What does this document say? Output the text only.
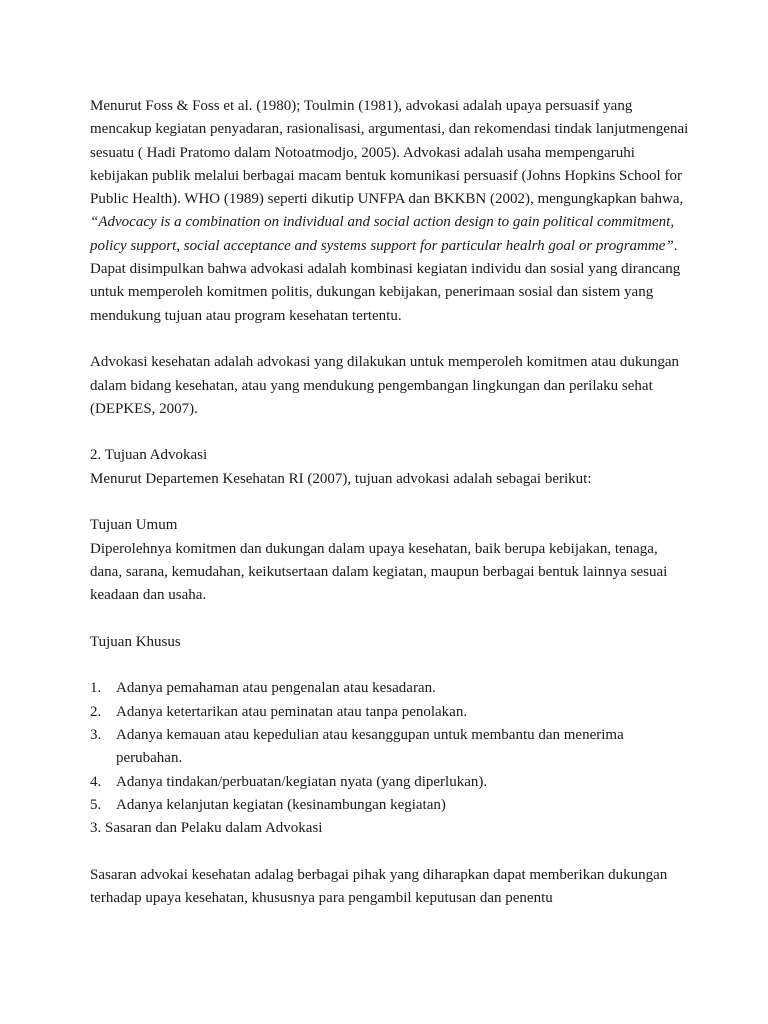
Menurut Foss & Foss et al. (1980); Toulmin (1981), advokasi adalah upaya persuasif yang mencakup kegiatan penyadaran, rasionalisasi, argumentasi, dan rekomendasi tindak lanjutmengenai sesuatu ( Hadi Pratomo dalam Notoatmodjo, 2005). Advokasi adalah usaha mempengaruhi kebijakan publik melalui berbagai macam bentuk komunikasi persuasif (Johns Hopkins School for Public Health). WHO (1989) seperti dikutip UNFPA dan BKKBN (2002), mengungkapkan bahwa, “Advocacy is a combination on individual and social action design to gain political commitment, policy support, social acceptance and systems support for particular healrh goal or programme”.

Dapat disimpulkan bahwa advokasi adalah kombinasi kegiatan individu dan sosial yang dirancang untuk memperoleh komitmen politis, dukungan kebijakan, penerimaan sosial dan sistem yang mendukung tujuan atau program kesehatan tertentu.

Advokasi kesehatan adalah advokasi yang dilakukan untuk memperoleh komitmen atau dukungan dalam bidang kesehatan, atau yang mendukung pengembangan lingkungan dan perilaku sehat (DEPKES, 2007).

2. Tujuan Advokasi

Menurut Departemen Kesehatan RI (2007), tujuan advokasi adalah sebagai berikut:

Tujuan Umum

Diperolehnya komitmen dan dukungan dalam upaya kesehatan, baik berupa kebijakan, tenaga, dana, sarana, kemudahan, keikutsertaan dalam kegiatan, maupun berbagai bentuk lainnya sesuai keadaan dan usaha.

Tujuan Khusus

1. Adanya pemahaman atau pengenalan atau kesadaran.
2. Adanya ketertarikan atau peminatan atau tanpa penolakan.
3. Adanya kemauan atau kepedulian atau kesanggupan untuk membantu dan menerima perubahan.
4. Adanya tindakan/perbuatan/kegiatan nyata (yang diperlukan).
5. Adanya kelanjutan kegiatan (kesinambungan kegiatan)

3. Sasaran dan Pelaku dalam Advokasi

Sasaran advokai kesehatan adalag berbagai pihak yang diharapkan dapat memberikan dukungan terhadap upaya kesehatan, khususnya para pengambil keputusan dan penentu
